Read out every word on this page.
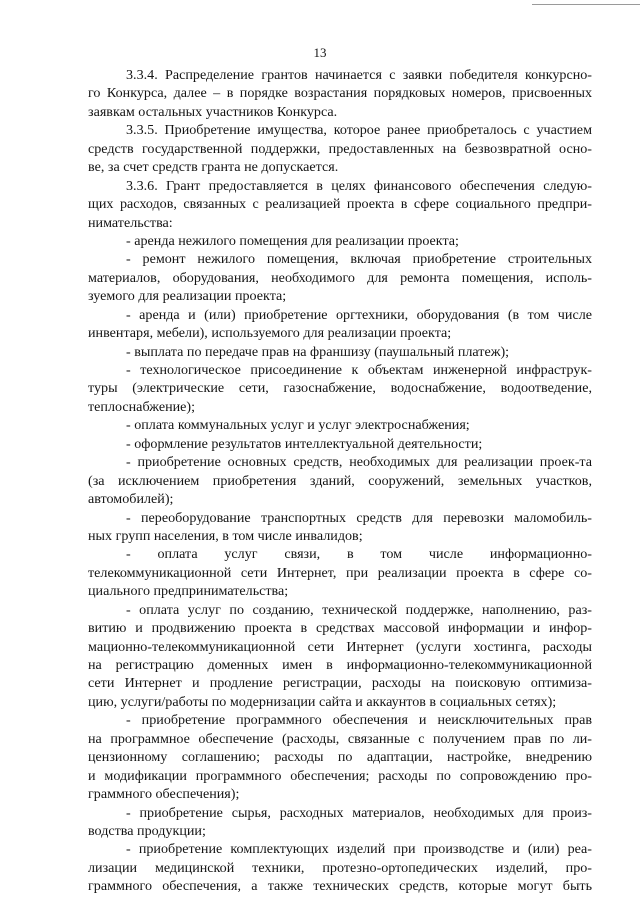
13
3.3.4. Распределение грантов начинается с заявки победителя конкурсно-
го Конкурса, далее – в порядке возрастания порядковых номеров, присвоенных
заявкам остальных участников Конкурса.
3.3.5. Приобретение имущества, которое ранее приобреталось с участием
средств государственной поддержки, предоставленных на безвозвратной осно-
ве, за счет средств гранта не допускается.
3.3.6. Грант предоставляется в целях финансового обеспечения следую-
щих расходов, связанных с реализацией проекта в сфере социального предпри-
нимательства:
- аренда нежилого помещения для реализации проекта;
- ремонт нежилого помещения, включая приобретение строительных
материалов, оборудования, необходимого для ремонта помещения, исполь-
зуемого для реализации проекта;
- аренда и (или) приобретение оргтехники, оборудования (в том числе
инвентаря, мебели), используемого для реализации проекта;
- выплата по передаче прав на франшизу (паушальный платеж);
- технологическое присоединение к объектам инженерной инфраструк-
туры (электрические сети, газоснабжение, водоснабжение, водоотведение,
теплоснабжение);
- оплата коммунальных услуг и услуг электроснабжения;
- оформление результатов интеллектуальной деятельности;
- приобретение основных средств, необходимых для реализации проек-та
(за исключением приобретения зданий, сооружений, земельных участков,
автомобилей);
- переоборудование транспортных средств для перевозки маломобиль-
ных групп населения, в том числе инвалидов;
- оплата услуг связи, в том числе информационно-
телекоммуникационной сети Интернет, при реализации проекта в сфере со-
циального предпринимательства;
- оплата услуг по созданию, технической поддержке, наполнению, раз-
витию и продвижению проекта в средствах массовой информации и инфор-
мационно-телекоммуникационной сети Интернет (услуги хостинга, расходы
на регистрацию доменных имен в информационно-телекоммуникационной
сети Интернет и продление регистрации, расходы на поисковую оптимиза-
цию, услуги/работы по модернизации сайта и аккаунтов в социальных сетях);
- приобретение программного обеспечения и неисключительных прав
на программное обеспечение (расходы, связанные с получением прав по ли-
цензионному соглашению; расходы по адаптации, настройке, внедрению
и модификации программного обеспечения; расходы по сопровождению про-
граммного обеспечения);
- приобретение сырья, расходных материалов, необходимых для произ-
водства продукции;
- приобретение комплектующих изделий при производстве и (или) реа-
лизации медицинской техники, протезно-ортопедических изделий, про-
граммного обеспечения, а также технических средств, которые могут быть
